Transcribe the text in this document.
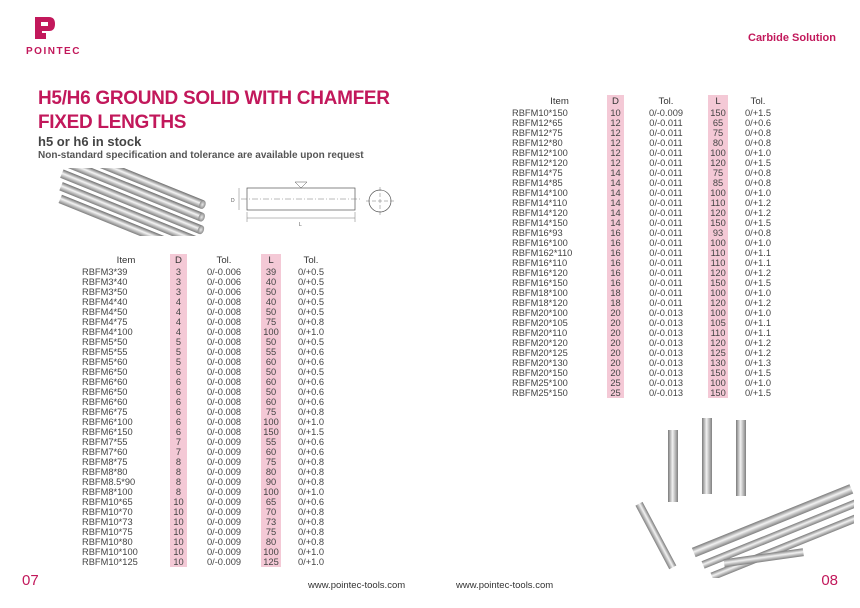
POINTEC
Carbide Solution
H5/H6 GROUND SOLID WITH CHAMFER
FIXED LENGTHS
h5 or h6 in stock
Non-standard specification and tolerance are available upon request
D
L
Item	D	Tol.	L	Tol.
RBFM3*39	3	0/-0.006	39	0/+0.5
RBFM3*40	3	0/-0.006	40	0/+0.5
RBFM3*50	3	0/-0.006	50	0/+0.5
RBFM4*40	4	0/-0.008	40	0/+0.5
RBFM4*50	4	0/-0.008	50	0/+0.5
RBFM4*75	4	0/-0.008	75	0/+0.8
RBFM4*100	4	0/-0.008	100	0/+1.0
RBFM5*50	5	0/-0.008	50	0/+0.5
RBFM5*55	5	0/-0.008	55	0/+0.6
RBFM5*60	5	0/-0.008	60	0/+0.6
RBFM6*50	6	0/-0.008	50	0/+0.5
RBFM6*60	6	0/-0.008	60	0/+0.6
RBFM6*50	6	0/-0.008	50	0/+0.6
RBFM6*60	6	0/-0.008	60	0/+0.6
RBFM6*75	6	0/-0.008	75	0/+0.8
RBFM6*100	6	0/-0.008	100	0/+1.0
RBFM6*150	6	0/-0.008	150	0/+1.5
RBFM7*55	7	0/-0.009	55	0/+0.6
RBFM7*60	7	0/-0.009	60	0/+0.6
RBFM8*75	8	0/-0.009	75	0/+0.8
RBFM8*80	8	0/-0.009	80	0/+0.8
RBFM8.5*90	8	0/-0.009	90	0/+0.8
RBFM8*100	8	0/-0.009	100	0/+1.0
RBFM10*65	10	0/-0.009	65	0/+0.6
RBFM10*70	10	0/-0.009	70	0/+0.8
RBFM10*73	10	0/-0.009	73	0/+0.8
RBFM10*75	10	0/-0.009	75	0/+0.8
RBFM10*80	10	0/-0.009	80	0/+0.8
RBFM10*100	10	0/-0.009	100	0/+1.0
RBFM10*125	10	0/-0.009	125	0/+1.0
Item	D	Tol.	L	Tol.
RBFM10*150	10	0/-0.009	150	0/+1.5
RBFM12*65	12	0/-0.011	65	0/+0.6
RBFM12*75	12	0/-0.011	75	0/+0.8
RBFM12*80	12	0/-0.011	80	0/+0.8
RBFM12*100	12	0/-0.011	100	0/+1.0
RBFM12*120	12	0/-0.011	120	0/+1.5
RBFM14*75	14	0/-0.011	75	0/+0.8
RBFM14*85	14	0/-0.011	85	0/+0.8
RBFM14*100	14	0/-0.011	100	0/+1.0
RBFM14*110	14	0/-0.011	110	0/+1.2
RBFM14*120	14	0/-0.011	120	0/+1.2
RBFM14*150	14	0/-0.011	150	0/+1.5
RBFM16*93	16	0/-0.011	93	0/+0.8
RBFM16*100	16	0/-0.011	100	0/+1.0
RBFM162*110	16	0/-0.011	110	0/+1.1
RBFM16*110	16	0/-0.011	110	0/+1.1
RBFM16*120	16	0/-0.011	120	0/+1.2
RBFM16*150	16	0/-0.011	150	0/+1.5
RBFM18*100	18	0/-0.011	100	0/+1.0
RBFM18*120	18	0/-0.011	120	0/+1.2
RBFM20*100	20	0/-0.013	100	0/+1.0
RBFM20*105	20	0/-0.013	105	0/+1.1
RBFM20*110	20	0/-0.013	110	0/+1.1
RBFM20*120	20	0/-0.013	120	0/+1.2
RBFM20*125	20	0/-0.013	125	0/+1.2
RBFM20*130	20	0/-0.013	130	0/+1.3
RBFM20*150	20	0/-0.013	150	0/+1.5
RBFM25*100	25	0/-0.013	100	0/+1.0
RBFM25*150	25	0/-0.013	150	0/+1.5
07	08
www.pointec-tools.com	www.pointec-tools.com
